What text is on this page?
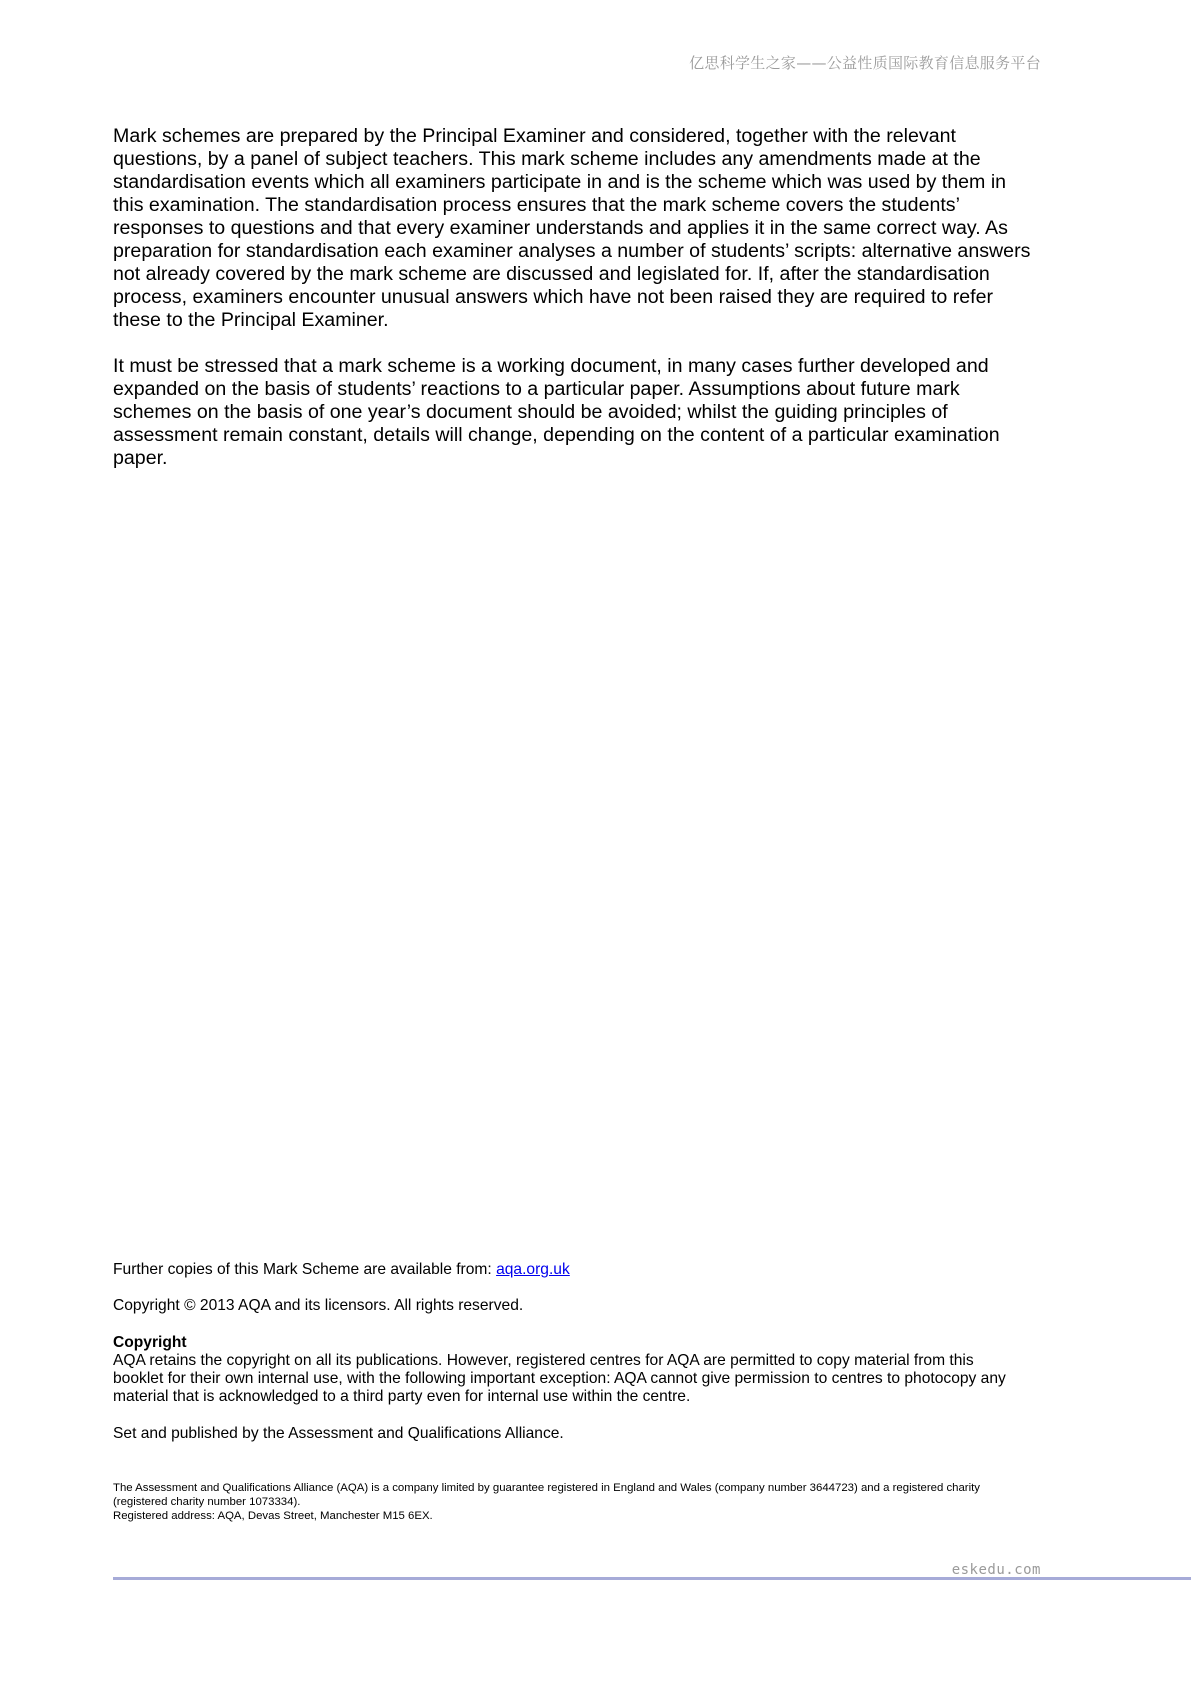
亿思科学生之家——公益性质国际教育信息服务平台

Mark schemes are prepared by the Principal Examiner and considered, together with the relevant questions, by a panel of subject teachers. This mark scheme includes any amendments made at the standardisation events which all examiners participate in and is the scheme which was used by them in this examination. The standardisation process ensures that the mark scheme covers the students’ responses to questions and that every examiner understands and applies it in the same correct way. As preparation for standardisation each examiner analyses a number of students’ scripts: alternative answers not already covered by the mark scheme are discussed and legislated for. If, after the standardisation process, examiners encounter unusual answers which have not been raised they are required to refer these to the Principal Examiner.

It must be stressed that a mark scheme is a working document, in many cases further developed and expanded on the basis of students’ reactions to a particular paper. Assumptions about future mark schemes on the basis of one year’s document should be avoided; whilst the guiding principles of assessment remain constant, details will change, depending on the content of a particular examination paper.

Further copies of this Mark Scheme are available from: aqa.org.uk

Copyright © 2013 AQA and its licensors. All rights reserved.

Copyright
AQA retains the copyright on all its publications. However, registered centres for AQA are permitted to copy material from this booklet for their own internal use, with the following important exception: AQA cannot give permission to centres to photocopy any material that is acknowledged to a third party even for internal use within the centre.

Set and published by the Assessment and Qualifications Alliance.

The Assessment and Qualifications Alliance (AQA) is a company limited by guarantee registered in England and Wales (company number 3644723) and a registered charity (registered charity number 1073334).

Registered address: AQA, Devas Street, Manchester M15 6EX.

eskedu.com
